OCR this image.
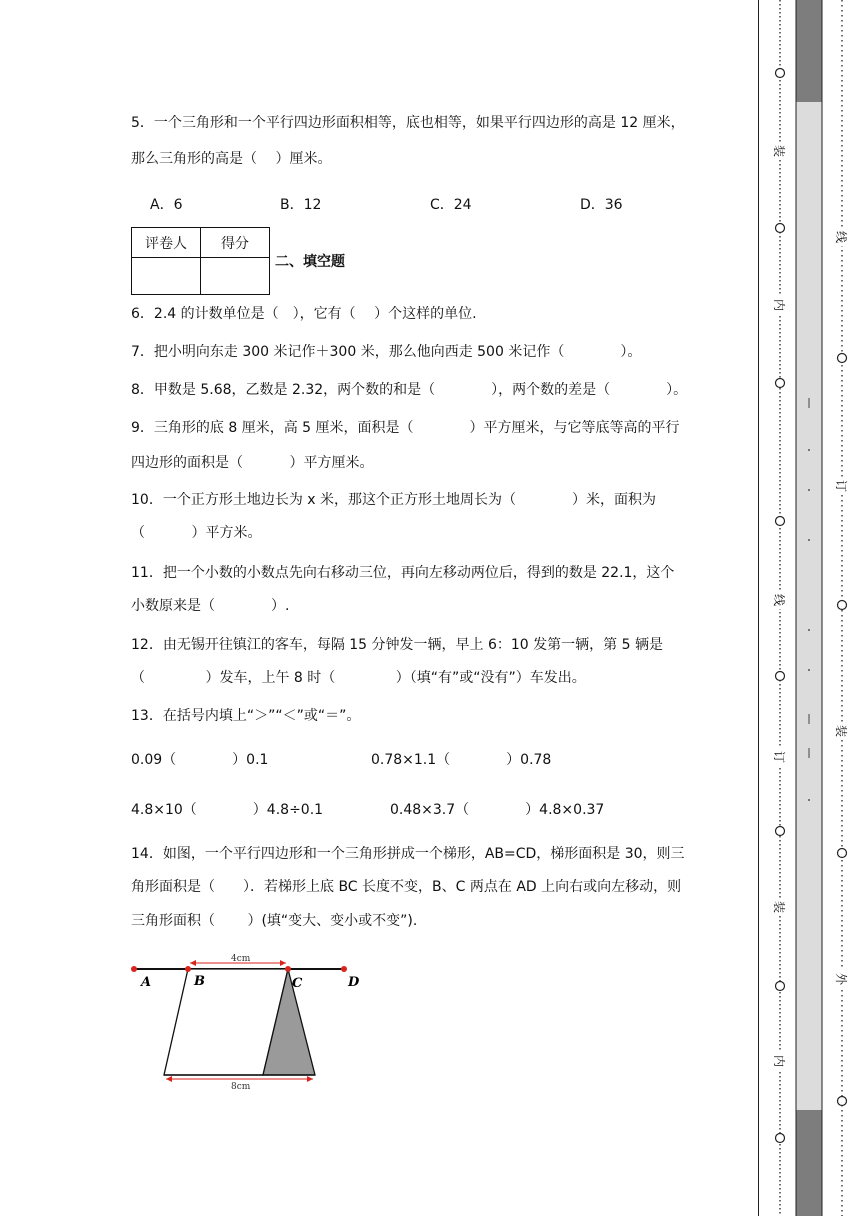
5．一个三角形和一个平行四边形面积相等，底也相等，如果平行四边形的高是 12 厘米，
那么三角形的高是（　 ）厘米。
A．6	B．12	C．24	D．36
评卷人	得分

二、填空题
6．2.4 的计数单位是（　），它有（　 ）个这样的单位.
7．把小明向东走 300 米记作＋300 米，那么他向西走 500 米记作（　　　　）。
8．甲数是 5.68，乙数是 2.32，两个数的和是（　　　　），两个数的差是（　　　　）。
9．三角形的底 8 厘米，高 5 厘米，面积是（　　　　）平方厘米，与它等底等高的平行
四边形的面积是（　　　 ）平方厘米。
10．一个正方形土地边长为 x 米，那这个正方形土地周长为（　　　　）米，面积为
（　　　 ）平方米。
11．把一个小数的小数点先向右移动三位，再向左移动两位后，得到的数是 22.1，这个
小数原来是（　　　　）.
12．由无锡开往镇江的客车，每隔 15 分钟发一辆，早上 6：10 发第一辆，第 5 辆是
（　　　　 ）发车，上午 8 时（　　　　 ）（填“有”或“没有”）车发出。
13．在括号内填上“＞”“＜”或“＝”。
0.09（　　　　）0.1	0.78×1.1（　　　　）0.78
4.8×10（　　　　）4.8÷0.1	0.48×3.7（　　　　）4.8×0.37
14．如图，一个平行四边形和一个三角形拼成一个梯形，AB=CD，梯形面积是 30，则三
角形面积是（　　）．若梯形上底 BC 长度不变，B、C 两点在 AD 上向右或向左移动，则
三角形面积（　　 ）(填“变大、变小或不变”).
4cm
8cm
A	B	C	D
装
内
线
订
装
内
线
订
装
外
